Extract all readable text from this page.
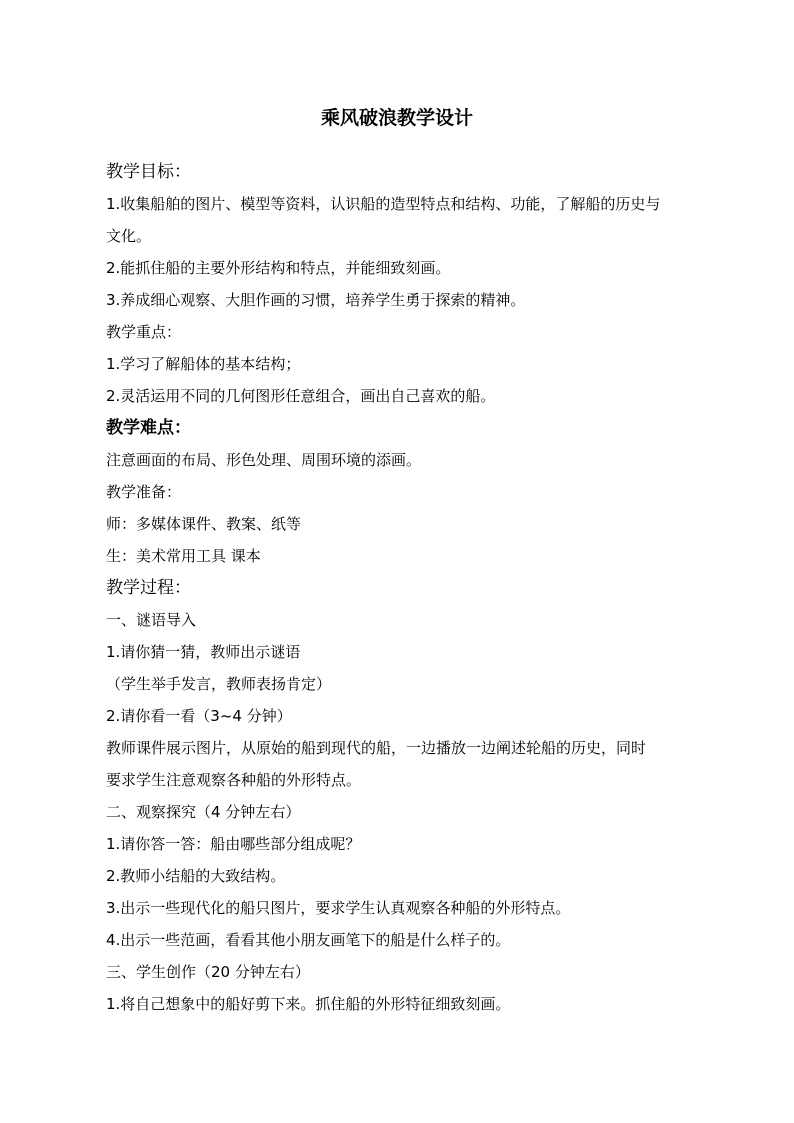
乘风破浪教学设计
教学目标：
1.收集船舶的图片、模型等资料，认识船的造型特点和结构、功能，了解船的历史与
文化。
2.能抓住船的主要外形结构和特点，并能细致刻画。
3.养成细心观察、大胆作画的习惯，培养学生勇于探索的精神。
教学重点：
1.学习了解船体的基本结构；
2.灵活运用不同的几何图形任意组合，画出自己喜欢的船。
教学难点：
注意画面的布局、形色处理、周围环境的添画。
教学准备：
师：多媒体课件、教案、纸等
生：美术常用工具 课本
教学过程：
一、谜语导入
1.请你猜一猜，教师出示谜语
（学生举手发言，教师表扬肯定）
2.请你看一看（3~4 分钟）
教师课件展示图片，从原始的船到现代的船，一边播放一边阐述轮船的历史，同时
要求学生注意观察各种船的外形特点。
二、观察探究（4 分钟左右）
1.请你答一答：船由哪些部分组成呢？
2.教师小结船的大致结构。
3.出示一些现代化的船只图片，要求学生认真观察各种船的外形特点。
4.出示一些范画，看看其他小朋友画笔下的船是什么样子的。
三、学生创作（20 分钟左右）
1.将自己想象中的船好剪下来。抓住船的外形特征细致刻画。
